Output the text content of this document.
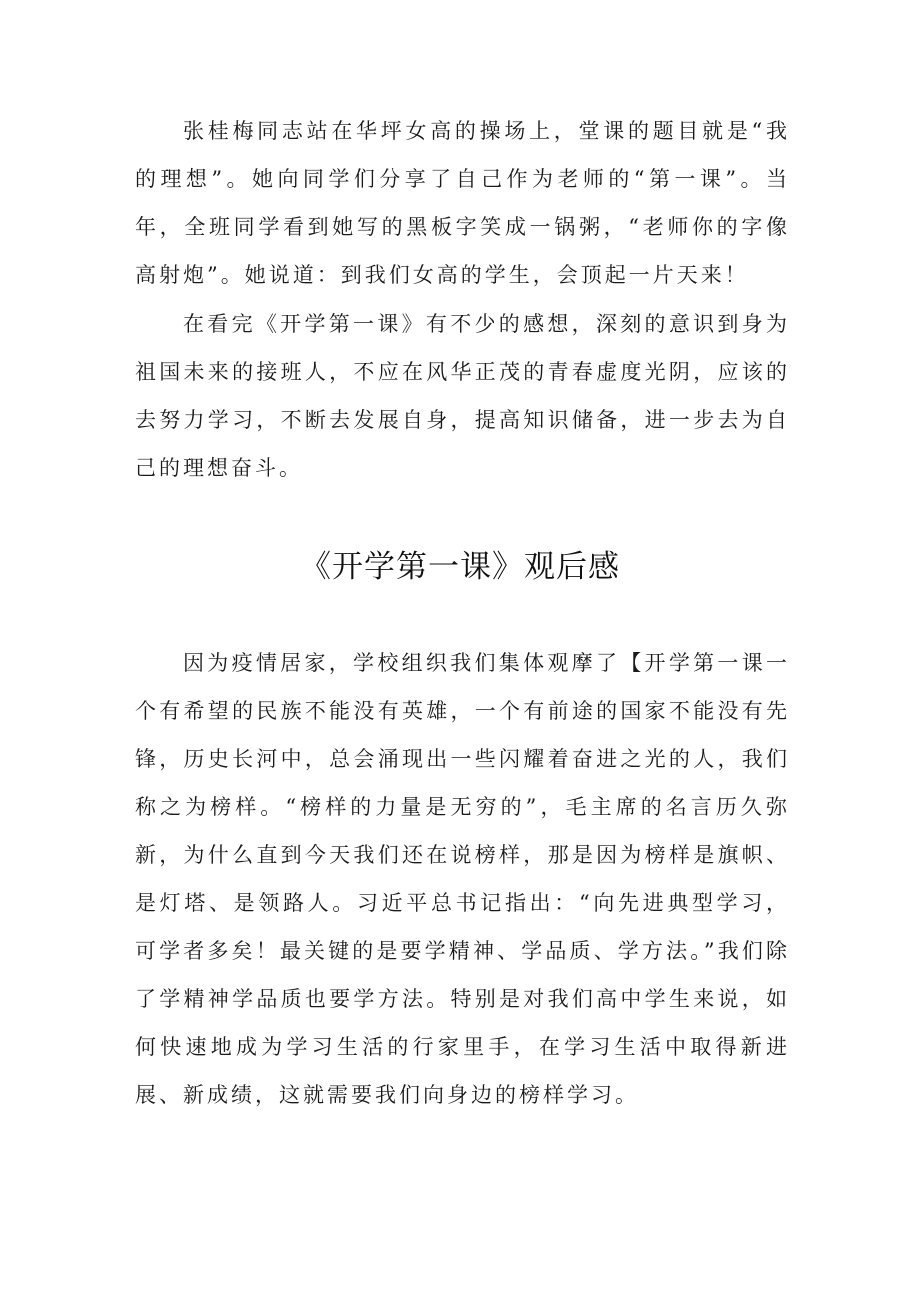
张桂梅同志站在华坪女高的操场上，堂课的题目就是“我的理想”。她向同学们分享了自己作为老师的“第一课”。当年，全班同学看到她写的黑板字笑成一锅粥，“老师你的字像高射炮”。她说道：到我们女高的学生，会顶起一片天来！

在看完《开学第一课》有不少的感想，深刻的意识到身为祖国未来的接班人，不应在风华正茂的青春虚度光阴，应该的去努力学习，不断去发展自身，提高知识储备，进一步去为自己的理想奋斗。

《开学第一课》观后感

因为疫情居家，学校组织我们集体观摩了【开学第一课一个有希望的民族不能没有英雄，一个有前途的国家不能没有先锋，历史长河中，总会涌现出一些闪耀着奋进之光的人，我们称之为榜样。“榜样的力量是无穷的”，毛主席的名言历久弥新，为什么直到今天我们还在说榜样，那是因为榜样是旗帜、是灯塔、是领路人。习近平总书记指出：“向先进典型学习，可学者多矣！最关键的是要学精神、学品质、学方法。”我们除了学精神学品质也要学方法。特别是对我们高中学生来说，如何快速地成为学习生活的行家里手，在学习生活中取得新进展、新成绩，这就需要我们向身边的榜样学习。
